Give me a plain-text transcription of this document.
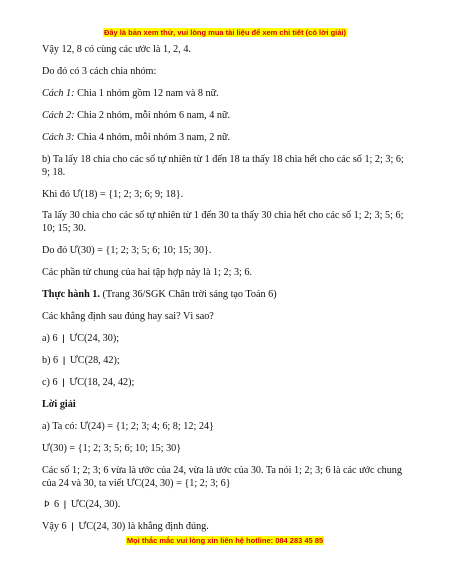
Đây là bản xem thử, vui lòng mua tài liệu để xem chi tiết (có lời giải)

Vậy 12, 8 có cùng các ước là 1, 2, 4.

Do đó có 3 cách chia nhóm:

Cách 1: Chia 1 nhóm gồm 12 nam và 8 nữ.

Cách 2: Chia 2 nhóm, mỗi nhóm 6 nam, 4 nữ.

Cách 3: Chia 4 nhóm, mỗi nhóm 3 nam, 2 nữ.

b) Ta lấy 18 chia cho các số tự nhiên từ 1 đến 18 ta thấy 18 chia hết cho các số 1; 2; 3; 6; 9; 18.

Khi đó Ư(18) = {1; 2; 3; 6; 9; 18}.

Ta lấy 30 chia cho các số tự nhiên từ 1 đến 30 ta thấy 30 chia hết cho các số 1; 2; 3; 5; 6; 10; 15; 30.

Do đó Ư(30) = {1; 2; 3; 5; 6; 10; 15; 30}.

Các phần tử chung của hai tập hợp này là 1; 2; 3; 6.

Thực hành 1. (Trang 36/SGK Chân trời sáng tạo Toán 6)

Các khẳng định sau đúng hay sai? Vì sao?

a) 6 ǀ ƯC(24, 30);

b) 6 ǀ ƯC(28, 42);

c) 6 ǀ ƯC(18, 24, 42);

Lời giải

a) Ta có: Ư(24) = {1; 2; 3; 4; 6; 8; 12; 24}

Ư(30) = {1; 2; 3; 5; 6; 10; 15; 30}

Các số 1; 2; 3; 6 vừa là ước của 24, vừa là ước của 30. Ta nói 1; 2; 3; 6 là các ước chung của 24 và 30, ta viết ƯC(24, 30) = {1; 2; 3; 6}

Þ 6 ǀ ƯC(24, 30).

Vậy 6 ǀ ƯC(24, 30) là khẳng định đúng.

Mọi thắc mắc vui lòng xin liên hệ hotline: 084 283 45 85
